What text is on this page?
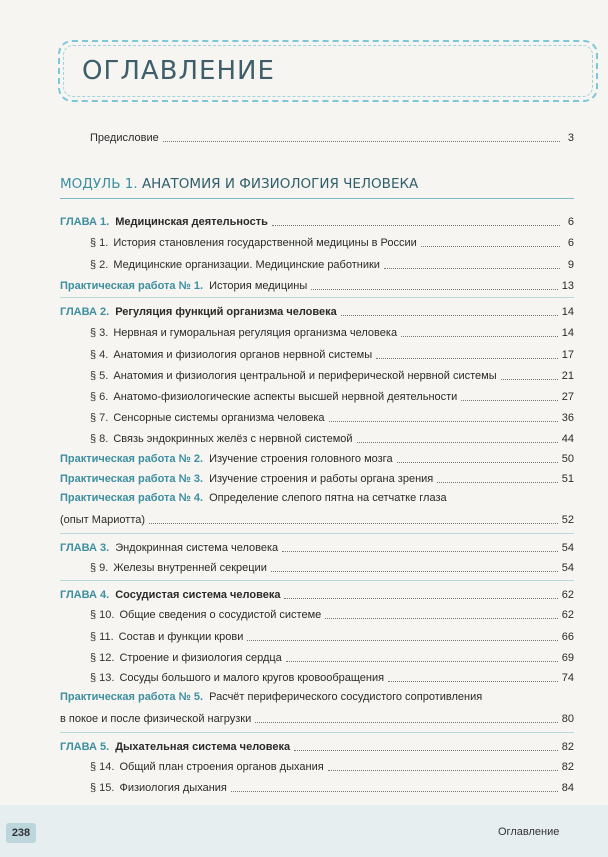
ОГЛАВЛЕНИЕ
Предисловие	3
МОДУЛЬ 1. АНАТОМИЯ И ФИЗИОЛОГИЯ ЧЕЛОВЕКА
ГЛАВА 1. Медицинская деятельность	6
§ 1. История становления государственной медицины в России	6
§ 2. Медицинские организации. Медицинские работники	9
Практическая работа № 1. История медицины	13
ГЛАВА 2. Регуляция функций организма человека	14
§ 3. Нервная и гуморальная регуляция организма человека	14
§ 4. Анатомия и физиология органов нервной системы	17
§ 5. Анатомия и физиология центральной и периферической нервной системы	21
§ 6. Анатомо-физиологические аспекты высшей нервной деятельности	27
§ 7. Сенсорные системы организма человека	36
§ 8. Связь эндокринных желёз с нервной системой	44
Практическая работа № 2. Изучение строения головного мозга	50
Практическая работа № 3. Изучение строения и работы органа зрения	51
Практическая работа № 4. Определение слепого пятна на сетчатке глаза
(опыт Мариотта)	52
ГЛАВА 3. Эндокринная система человека	54
§ 9. Железы внутренней секреции	54
ГЛАВА 4. Сосудистая система человека	62
§ 10. Общие сведения о сосудистой системе	62
§ 11. Состав и функции крови	66
§ 12. Строение и физиология сердца	69
§ 13. Сосуды большого и малого кругов кровообращения	74
Практическая работа № 5. Расчёт периферического сосудистого сопротивления
в покое и после физической нагрузки	80
ГЛАВА 5. Дыхательная система человека	82
§ 14. Общий план строения органов дыхания	82
§ 15. Физиология дыхания	84
238	Оглавление
